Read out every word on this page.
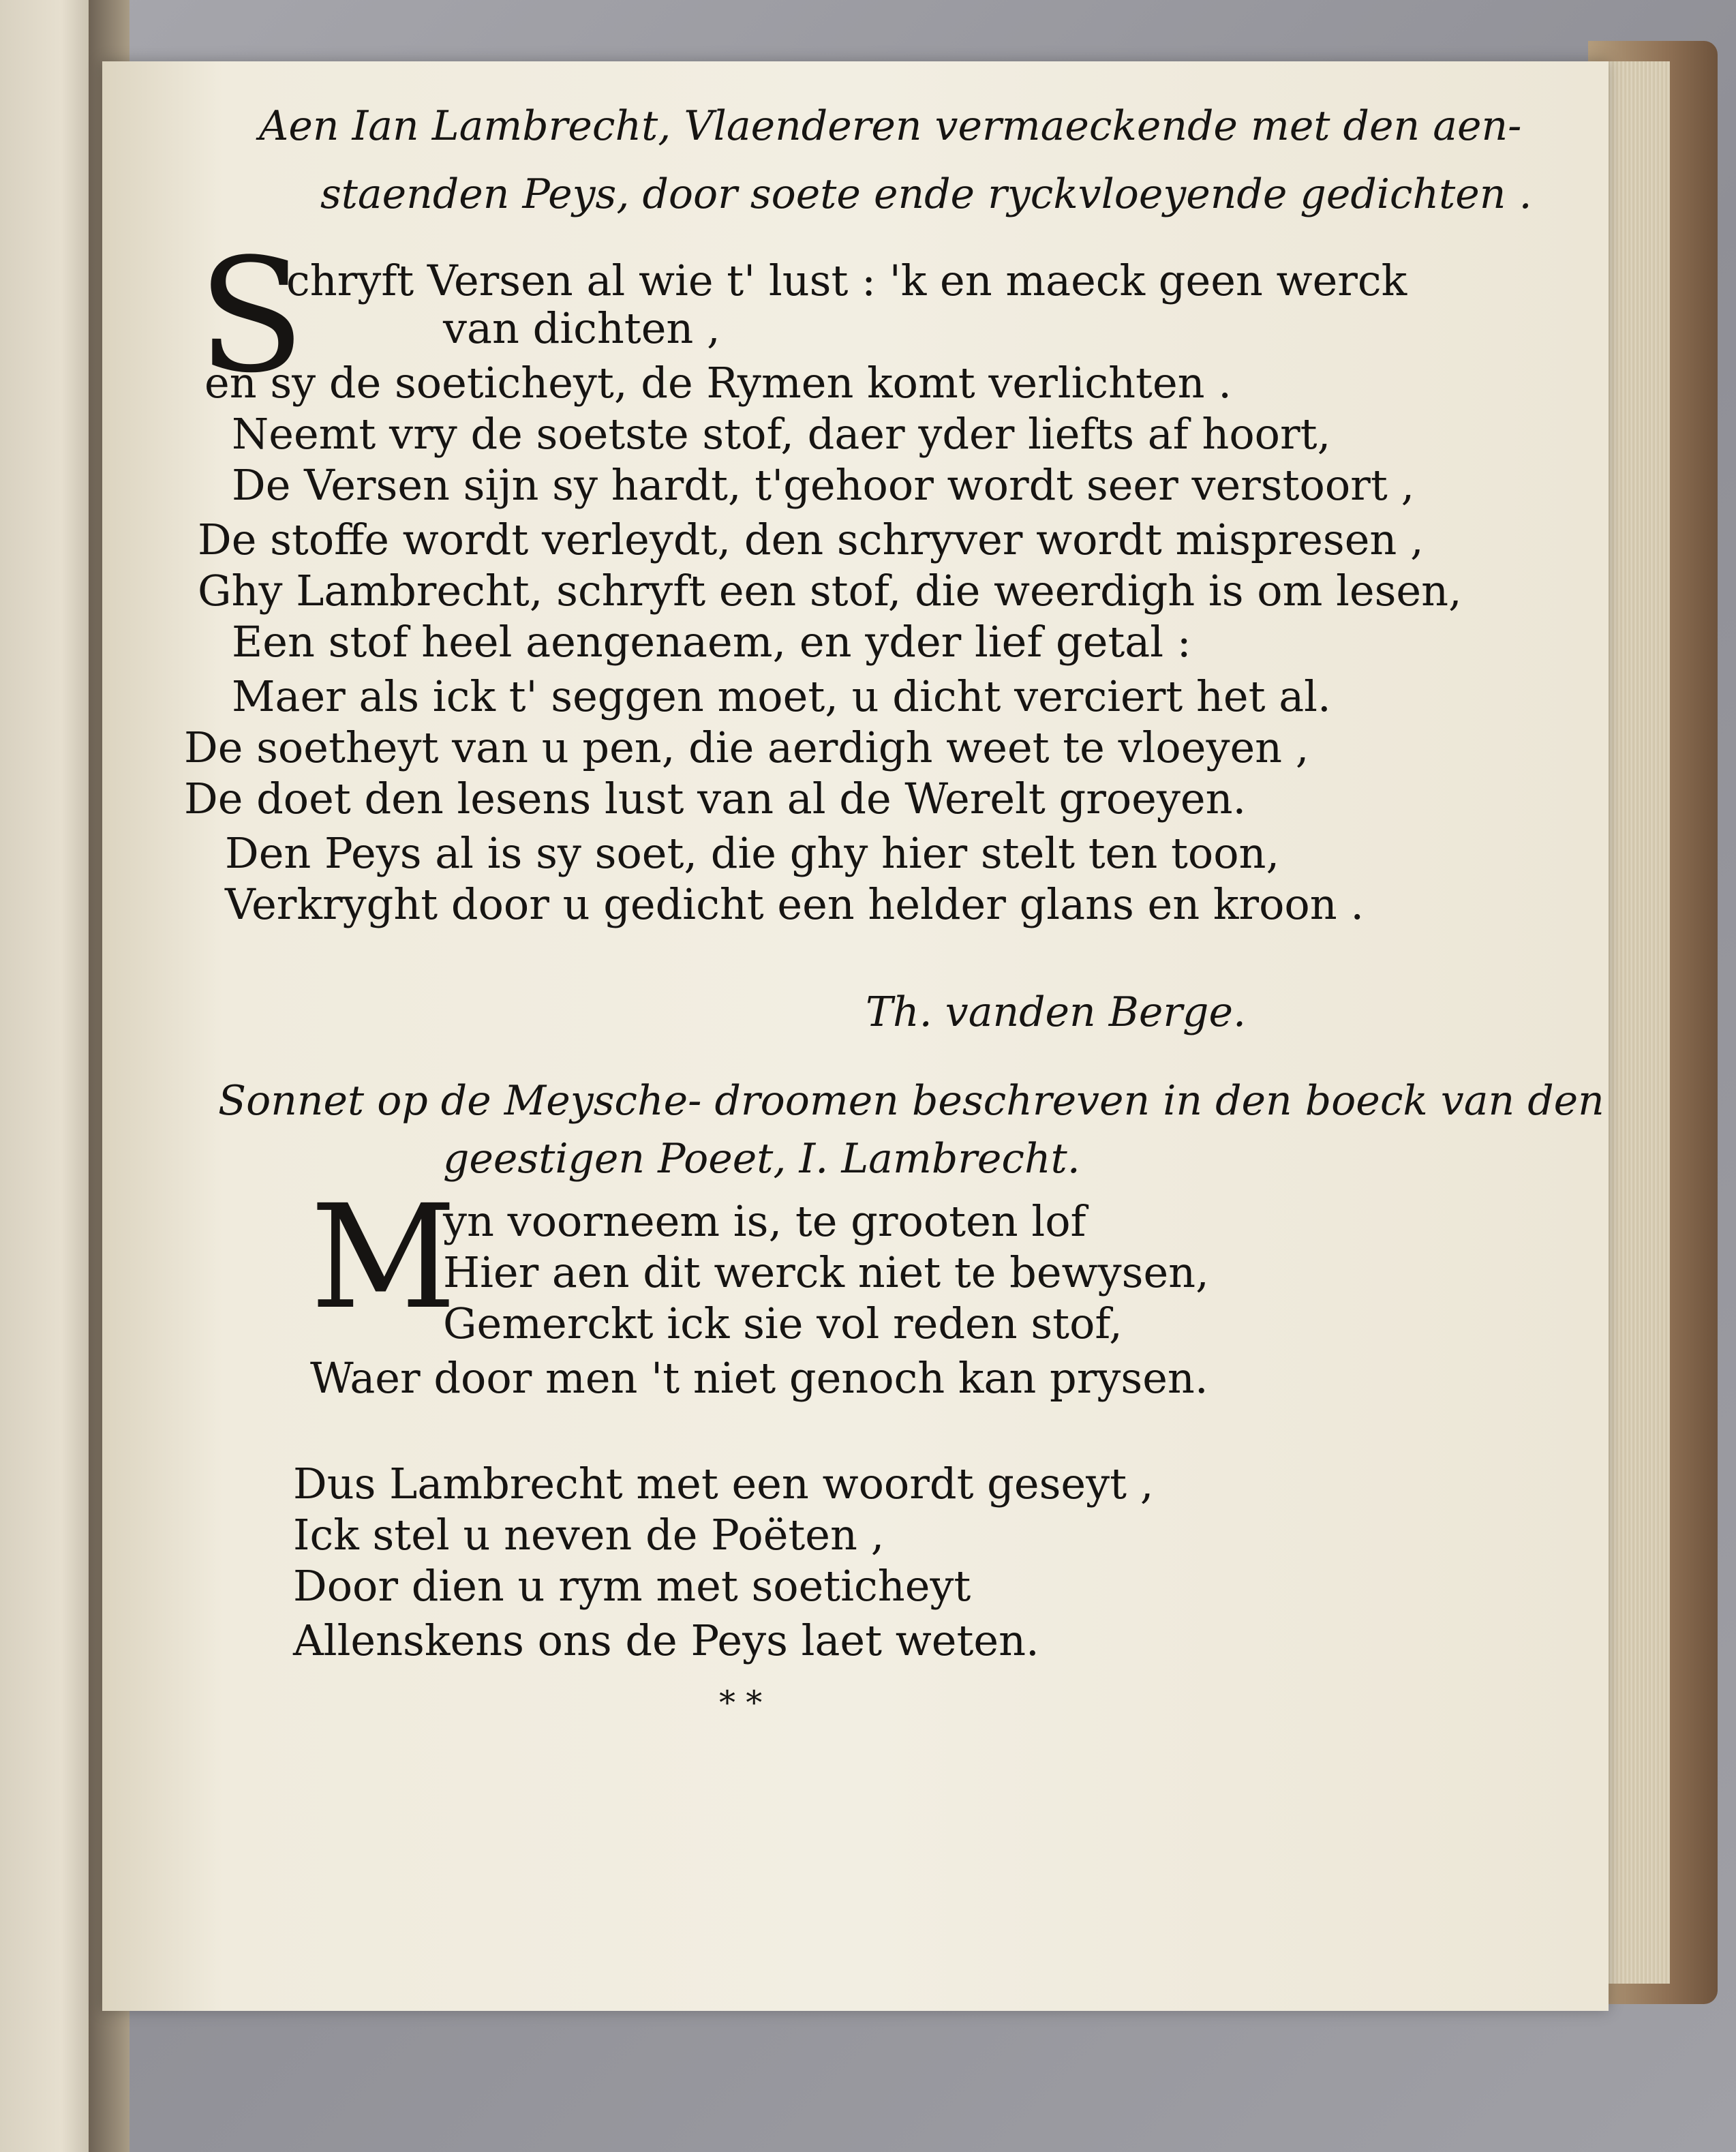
Aen Ian Lambrecht, Vlaenderen vermaeckende met den aen-
staenden Peys, door soete ende ryckvloeyende gedichten .
S
chryft Versen al wie t' lust : 'k en maeck geen werck
van dichten ,
en sy de soeticheyt, de Rymen komt verlichten .
Neemt vry de soetste stof, daer yder liefts af hoort,
De Versen sijn sy hardt, t'gehoor wordt seer verstoort ,
De stoffe wordt verleydt, den schryver wordt mispresen ,
Ghy Lambrecht, schryft een stof, die weerdigh is om lesen,
Een stof heel aengenaem, en yder lief getal :
Maer als ick t' seggen moet, u dicht verciert het al.
De soetheyt van u pen, die aerdigh weet te vloeyen ,
De doet den lesens lust van al de Werelt groeyen.
Den Peys al is sy soet, die ghy hier stelt ten toon,
Verkryght door u gedicht een helder glans en kroon .
Th. vanden Berge.
Sonnet op de Meysche- droomen beschreven in den boeck van den
geestigen Poeet, I. Lambrecht.
M
yn voorneem is, te grooten lof
Hier aen dit werck niet te bewysen,
Gemerckt ick sie vol reden stof,
Waer door men 't niet genoch kan prysen.
Dus Lambrecht met een woordt geseyt ,
Ick stel u neven de Poëten ,
Door dien u rym met soeticheyt
Allenskens ons de Peys laet weten.
* *
